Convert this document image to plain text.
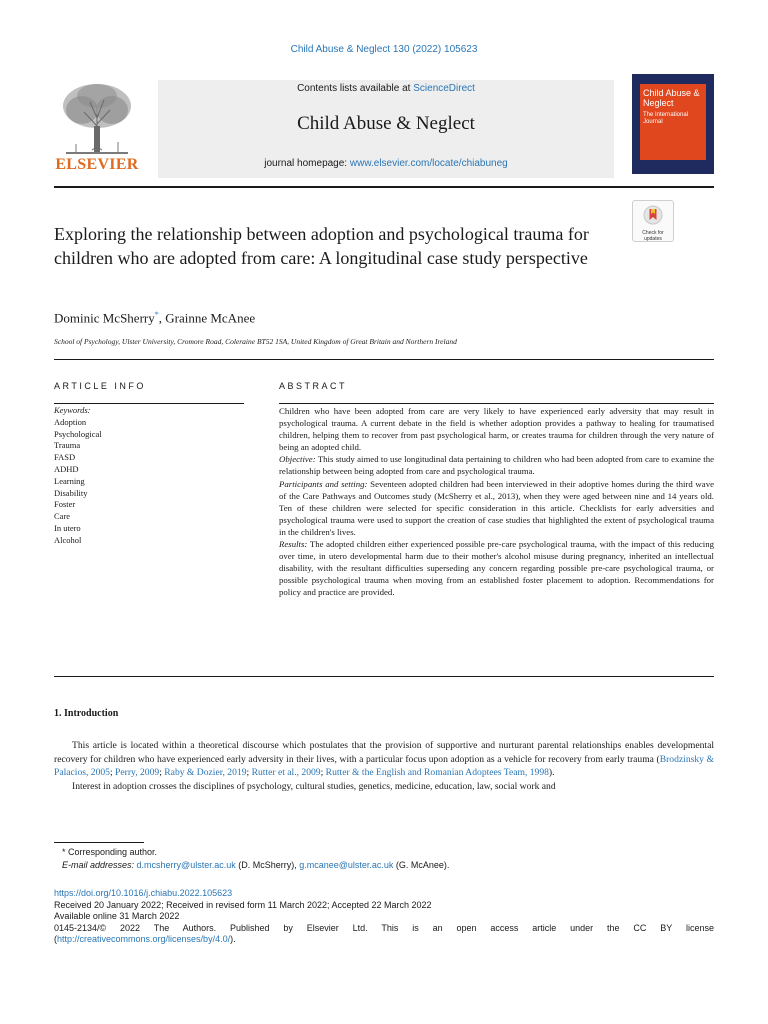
Child Abuse & Neglect 130 (2022) 105623
ELSEVIER
Contents lists available at ScienceDirect
Child Abuse & Neglect
journal homepage: www.elsevier.com/locate/chiabuneg
Child Abuse & Neglect
The International Journal
Exploring the relationship between adoption and psychological trauma for children who are adopted from care: A longitudinal case study perspective
Check for updates
Dominic McSherry*, Grainne McAnee
School of Psychology, Ulster University, Cromore Road, Coleraine BT52 1SA, United Kingdom of Great Britain and Northern Ireland
ARTICLE INFO	ABSTRACT
Keywords:
Adoption
Psychological
Trauma
FASD
ADHD
Learning
Disability
Foster
Care
In utero
Alcohol

Children who have been adopted from care are very likely to have experienced early adversity that may result in psychological trauma. A current debate in the field is whether adoption provides a pathway to healing for traumatised children, helping them to recover from past psychological harm, or creates trauma for children through the very nature of being an adopted child.

Objective: This study aimed to use longitudinal data pertaining to children who had been adopted from care to examine the relationship between being adopted from care and psychological trauma.

Participants and setting: Seventeen adopted children had been interviewed in their adoptive homes during the third wave of the Care Pathways and Outcomes study (McSherry et al., 2013), when they were aged between nine and 14 years old. Ten of these children were selected for specific consideration in this article. Checklists for early adversities and psychological trauma were used to support the creation of case studies that highlighted the extent of psychological trauma in the children's lives.

Results: The adopted children either experienced possible pre-care psychological trauma, with the impact of this reducing over time, in utero developmental harm due to their mother's alcohol misuse during pregnancy, inherited an intellectual disability, with the resultant difficulties superseding any concern regarding possible pre-care psychological trauma, or possible psychological trauma when moving from an established foster placement to adoption. Recommendations for policy and practice are provided.

1. Introduction

This article is located within a theoretical discourse which postulates that the provision of supportive and nurturant parental relationships enables developmental recovery for children who have experienced early adversity in their lives, with a particular focus upon adoption as a vehicle for recovery from early trauma (Brodzinsky & Palacios, 2005; Perry, 2009; Raby & Dozier, 2019; Rutter et al., 2009; Rutter & the English and Romanian Adoptees Team, 1998).

Interest in adoption crosses the disciplines of psychology, cultural studies, genetics, medicine, education, law, social work and

* Corresponding author.
E-mail addresses: d.mcsherry@ulster.ac.uk (D. McSherry), g.mcanee@ulster.ac.uk (G. McAnee).
https://doi.org/10.1016/j.chiabu.2022.105623
Received 20 January 2022; Received in revised form 11 March 2022; Accepted 22 March 2022
Available online 31 March 2022
0145-2134/© 2022 The Authors. Published by Elsevier Ltd. This is an open access article under the CC BY license
(http://creativecommons.org/licenses/by/4.0/).
